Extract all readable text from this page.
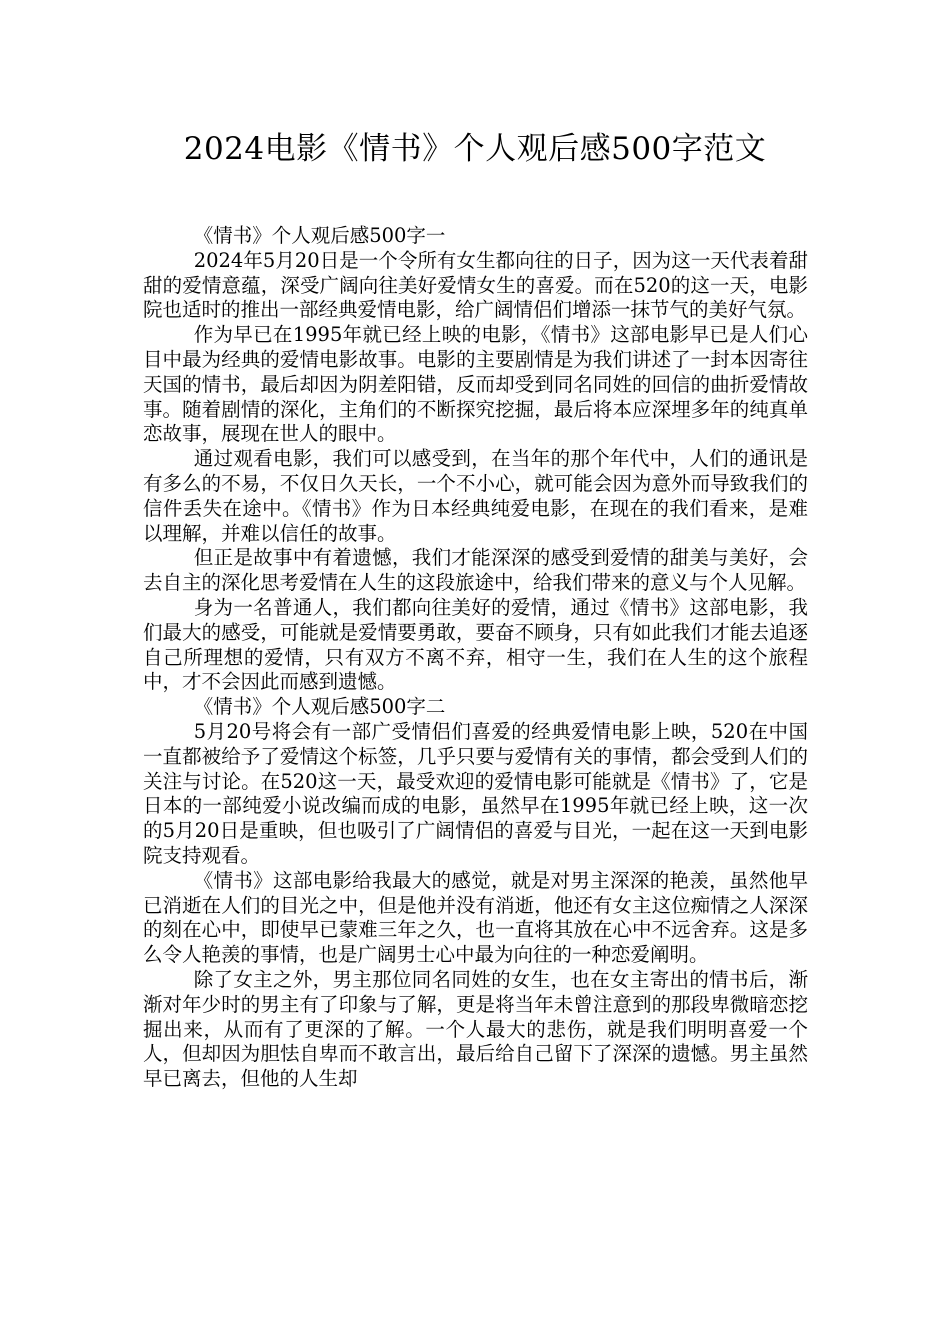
2024电影《情书》个人观后感500字范文

《情书》个人观后感500字一

2024年5月20日是一个令所有女生都向往的日子，因为这一天代表着甜甜的爱情意蕴，深受广阔向往美好爱情女生的喜爱。而在520的这一天，电影院也适时的推出一部经典爱情电影，给广阔情侣们增添一抹节气的美好气氛。

作为早已在1995年就已经上映的电影，《情书》这部电影早已是人们心目中最为经典的爱情电影故事。电影的主要剧情是为我们讲述了一封本因寄往天国的情书，最后却因为阴差阳错，反而却受到同名同姓的回信的曲折爱情故事。随着剧情的深化，主角们的不断探究挖掘，最后将本应深埋多年的纯真单恋故事，展现在世人的眼中。

通过观看电影，我们可以感受到，在当年的那个年代中，人们的通讯是有多么的不易，不仅日久天长，一个不小心，就可能会因为意外而导致我们的信件丢失在途中。《情书》作为日本经典纯爱电影，在现在的我们看来，是难以理解，并难以信任的故事。

但正是故事中有着遗憾，我们才能深深的感受到爱情的甜美与美好，会去自主的深化思考爱情在人生的这段旅途中，给我们带来的意义与个人见解。

身为一名普通人，我们都向往美好的爱情，通过《情书》这部电影，我们最大的感受，可能就是爱情要勇敢，要奋不顾身，只有如此我们才能去追逐自己所理想的爱情，只有双方不离不弃，相守一生，我们在人生的这个旅程中，才不会因此而感到遗憾。

《情书》个人观后感500字二

5月20号将会有一部广受情侣们喜爱的经典爱情电影上映，520在中国一直都被给予了爱情这个标签，几乎只要与爱情有关的事情，都会受到人们的关注与讨论。在520这一天，最受欢迎的爱情电影可能就是《情书》了，它是日本的一部纯爱小说改编而成的电影，虽然早在1995年就已经上映，这一次的5月20日是重映，但也吸引了广阔情侣的喜爱与目光，一起在这一天到电影院支持观看。

《情书》这部电影给我最大的感觉，就是对男主深深的艳羡，虽然他早已消逝在人们的目光之中，但是他并没有消逝，他还有女主这位痴情之人深深的刻在心中，即使早已蒙难三年之久，也一直将其放在心中不远舍弃。这是多么令人艳羡的事情，也是广阔男士心中最为向往的一种恋爱阐明。

除了女主之外，男主那位同名同姓的女生，也在女主寄出的情书后，渐渐对年少时的男主有了印象与了解，更是将当年未曾注意到的那段卑微暗恋挖掘出来，从而有了更深的了解。一个人最大的悲伤，就是我们明明喜爱一个人，但却因为胆怯自卑而不敢言出，最后给自己留下了深深的遗憾。男主虽然早已离去，但他的人生却
